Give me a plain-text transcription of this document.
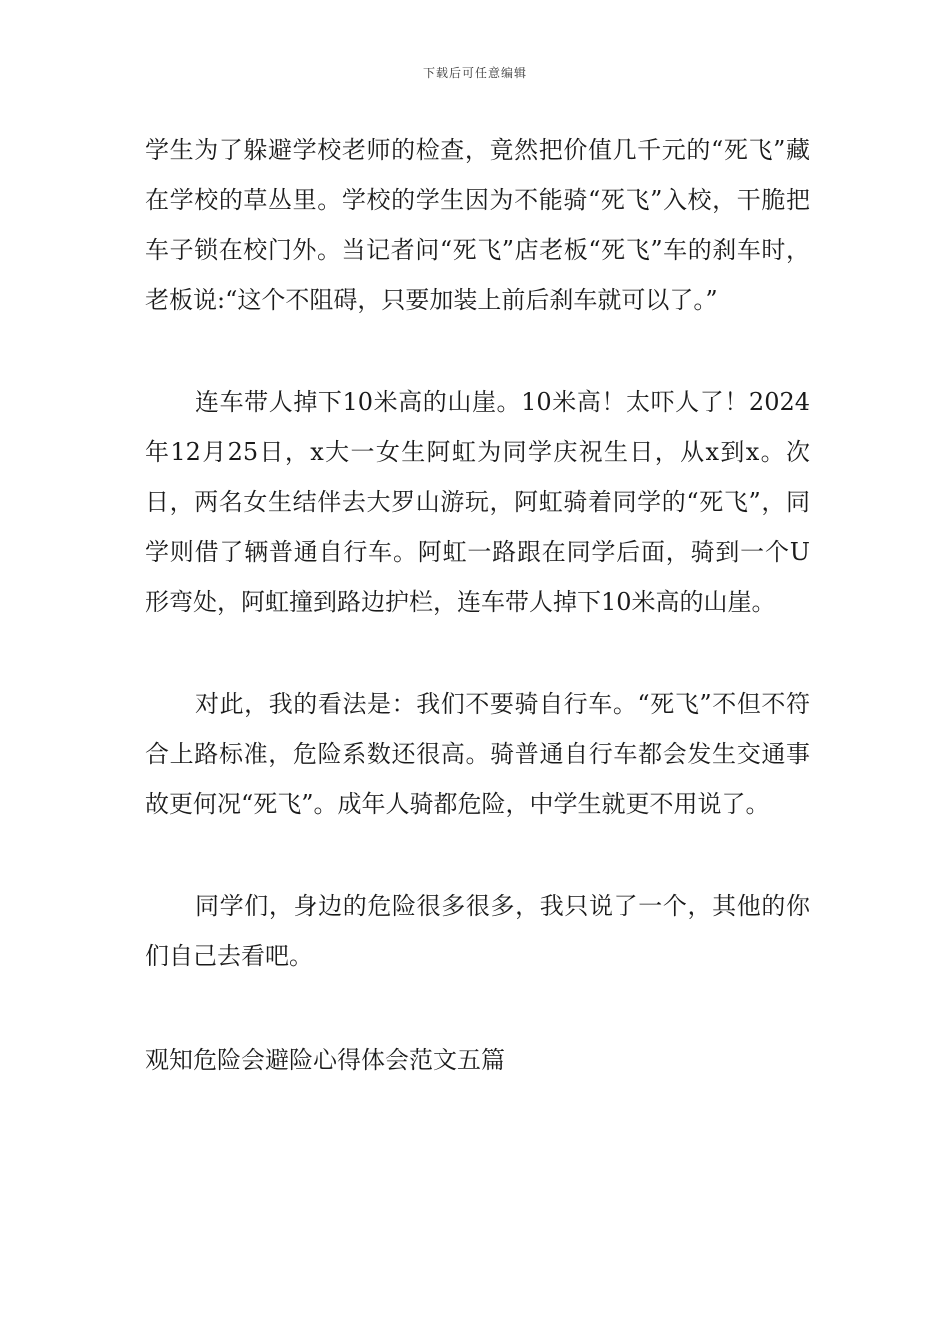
下载后可任意编辑

学生为了躲避学校老师的检查，竟然把价值几千元的“死飞”藏在学校的草丛里。学校的学生因为不能骑“死飞”入校，干脆把车子锁在校门外。当记者问“死飞”店老板“死飞”车的刹车时，老板说:“这个不阻碍，只要加装上前后刹车就可以了。”

连车带人掉下10米高的山崖。10米高！太吓人了！2024年12月25日，x大一女生阿虹为同学庆祝生日，从x到x。次日，两名女生结伴去大罗山游玩，阿虹骑着同学的“死飞”，同学则借了辆普通自行车。阿虹一路跟在同学后面，骑到一个U形弯处，阿虹撞到路边护栏，连车带人掉下10米高的山崖。

对此，我的看法是：我们不要骑自行车。“死飞”不但不符合上路标准，危险系数还很高。骑普通自行车都会发生交通事故更何况“死飞”。成年人骑都危险，中学生就更不用说了。

同学们，身边的危险很多很多，我只说了一个，其他的你们自己去看吧。

观知危险会避险心得体会范文五篇
